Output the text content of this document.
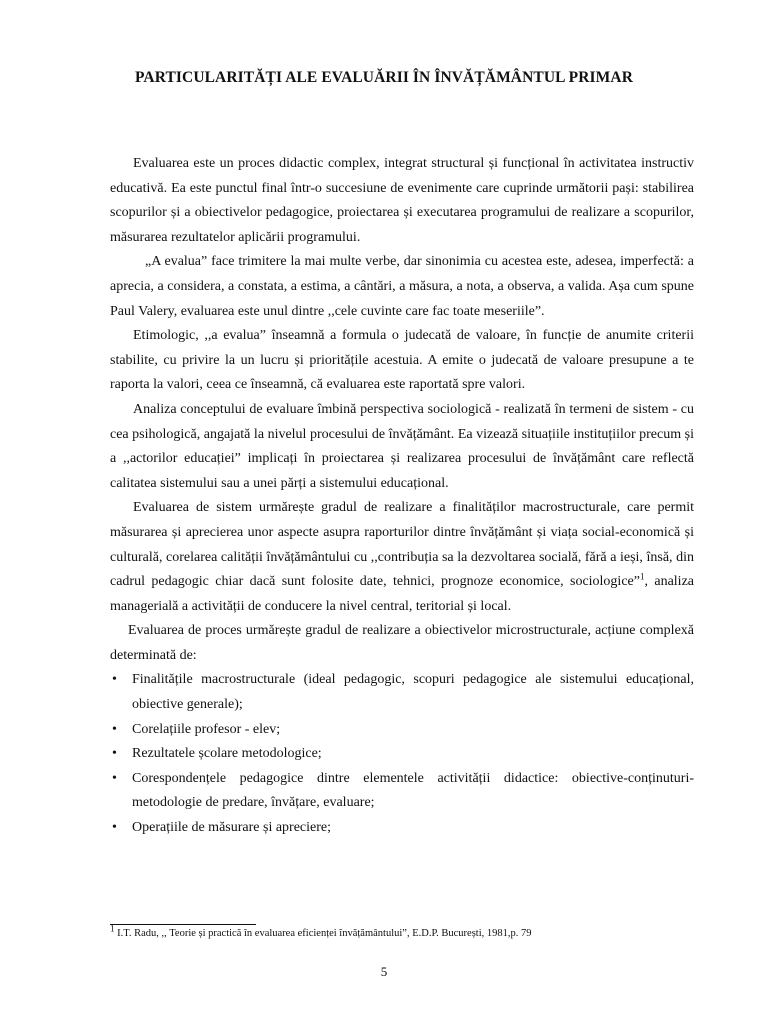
PARTICULARITĂȚI ALE EVALUĂRII ÎN ÎNVĂȚĂMÂNTUL PRIMAR

Evaluarea este un proces didactic complex, integrat structural și funcțional în activitatea instructiv educativă. Ea este punctul final într-o succesiune de evenimente care cuprinde următorii pași: stabilirea scopurilor și a obiectivelor pedagogice, proiectarea și executarea programului de realizare a scopurilor, măsurarea rezultatelor aplicării programului.

„A evalua” face trimitere la mai multe verbe, dar sinonimia cu acestea este, adesea, imperfectă: a aprecia, a considera, a constata, a estima, a cântări, a măsura, a nota, a observa, a valida. Așa cum spune Paul Valery, evaluarea este unul dintre ,,cele cuvinte care fac toate meseriile”.

Etimologic, ,,a evalua” înseamnă a formula o judecată de valoare, în funcție de anumite criterii stabilite, cu privire la un lucru și prioritățile acestuia. A emite o judecată de valoare presupune a te raporta la valori, ceea ce înseamnă, că evaluarea este raportată spre valori.

Analiza conceptului de evaluare îmbină perspectiva sociologică - realizată în termeni de sistem - cu cea psihologică, angajată la nivelul procesului de învățământ. Ea vizează situațiile instituțiilor precum și a ,,actorilor educației” implicați în proiectarea și realizarea procesului de învățământ care reflectă calitatea sistemului sau a unei părți a sistemului educațional.

Evaluarea de sistem urmărește gradul de realizare a finalităților macrostructurale, care permit măsurarea și aprecierea unor aspecte asupra raporturilor dintre învățământ și viața social-economică și culturală, corelarea calității învățământului cu ,,contribuția sa la dezvoltarea socială, fără a ieși, însă, din cadrul pedagogic chiar dacă sunt folosite date, tehnici, prognoze economice, sociologice”$^1$, analiza managerială a activității de conducere la nivel central, teritorial și local.

Evaluarea de proces urmărește gradul de realizare a obiectivelor microstructurale, acțiune complexă determinată de:

• Finalitățile macrostructurale (ideal pedagogic, scopuri pedagogice ale sistemului educațional, obiective generale);
• Corelațiile profesor - elev;
• Rezultatele școlare metodologice;
• Corespondențele pedagogice dintre elementele activității didactice: obiective-conținuturi-metodologie de predare, învățare, evaluare;
• Operațiile de măsurare și apreciere;
$^1$ I.T. Radu, ,, Teorie și practică în evaluarea eficienței învățământului”, E.D.P. București, 1981,p. 79
5
